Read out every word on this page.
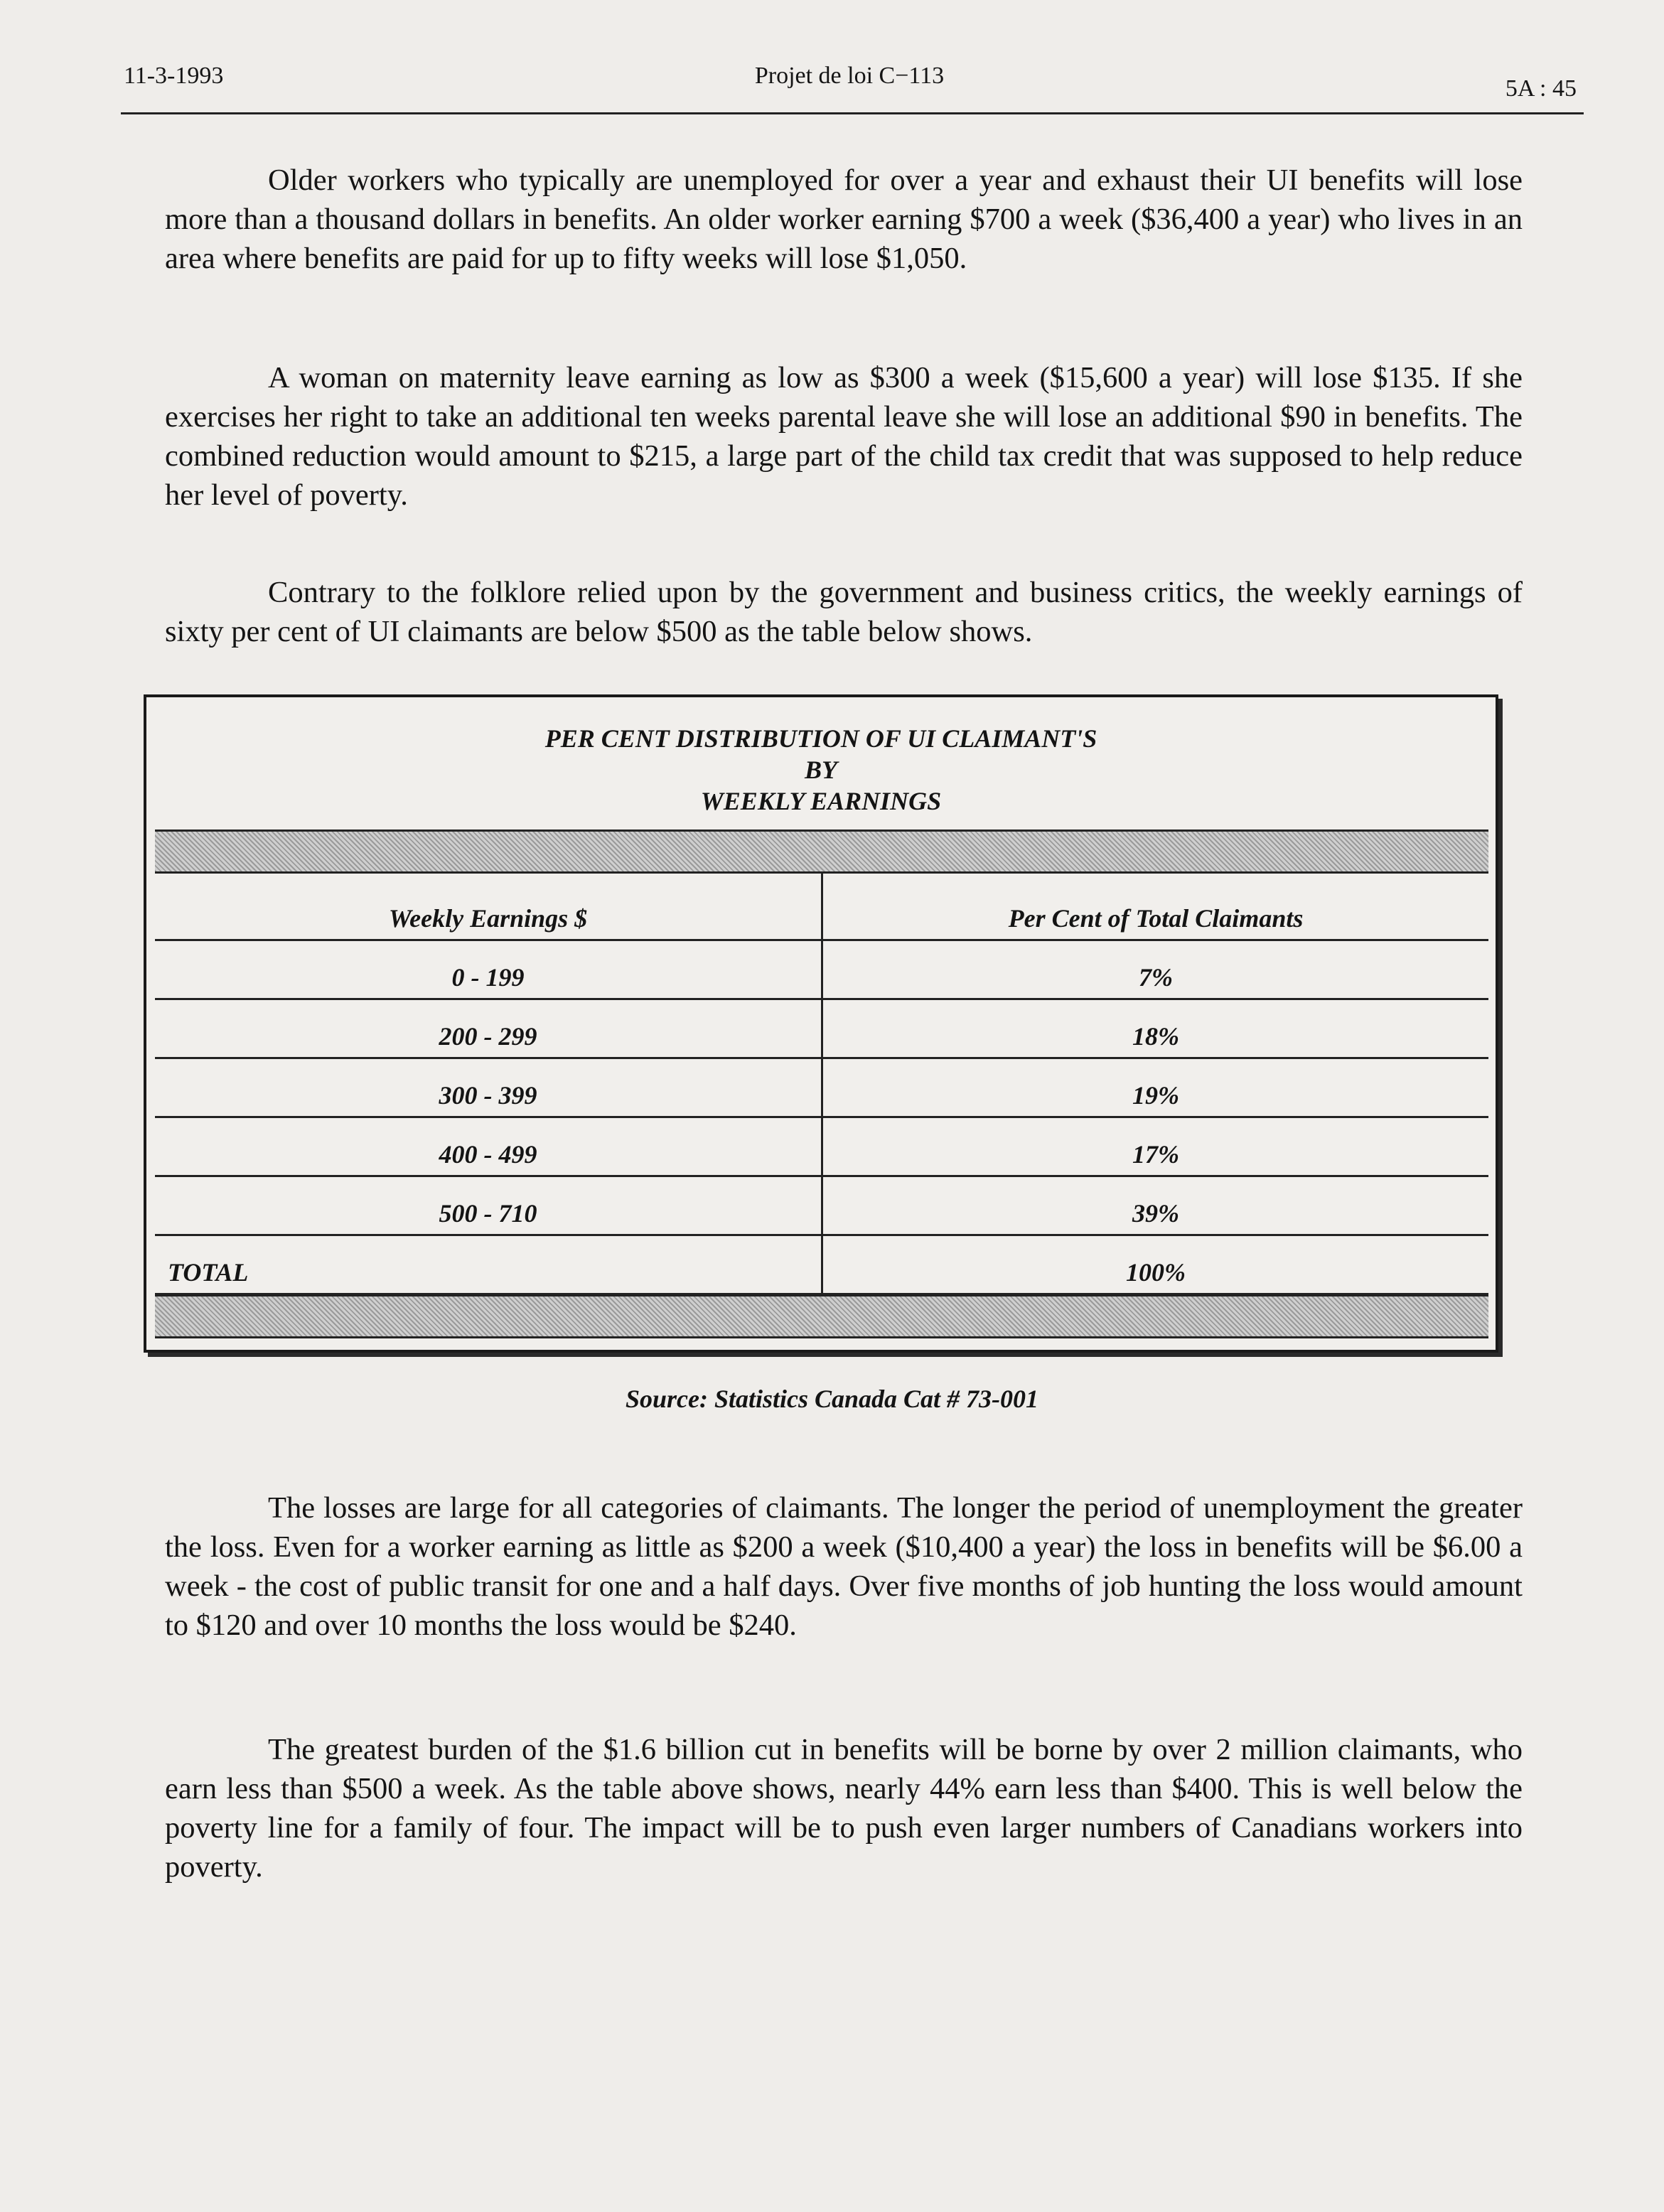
11-3-1993	Projet de loi C−113	5A : 45

Older workers who typically are unemployed for over a year and exhaust their UI benefits will lose more than a thousand dollars in benefits. An older worker earning $700 a week ($36,400 a year) who lives in an area where benefits are paid for up to fifty weeks will lose $1,050.

A woman on maternity leave earning as low as $300 a week ($15,600 a year) will lose $135. If she exercises her right to take an additional ten weeks parental leave she will lose an additional $90 in benefits. The combined reduction would amount to $215, a large part of the child tax credit that was supposed to help reduce her level of poverty.

Contrary to the folklore relied upon by the government and business critics, the weekly earnings of sixty per cent of UI claimants are below $500 as the table below shows.

PER CENT DISTRIBUTION OF UI CLAIMANT'S
BY
WEEKLY EARNINGS
Weekly Earnings $	Per Cent of Total Claimants
0 - 199	7%
200 - 299	18%
300 - 399	19%
400 - 499	17%
500 - 710	39%
TOTAL	100%
Source: Statistics Canada Cat # 73-001

The losses are large for all categories of claimants. The longer the period of unemployment the greater the loss. Even for a worker earning as little as $200 a week ($10,400 a year) the loss in benefits will be $6.00 a week - the cost of public transit for one and a half days. Over five months of job hunting the loss would amount to $120 and over 10 months the loss would be $240.

The greatest burden of the $1.6 billion cut in benefits will be borne by over 2 million claimants, who earn less than $500 a week. As the table above shows, nearly 44% earn less than $400. This is well below the poverty line for a family of four. The impact will be to push even larger numbers of Canadians workers into poverty.
